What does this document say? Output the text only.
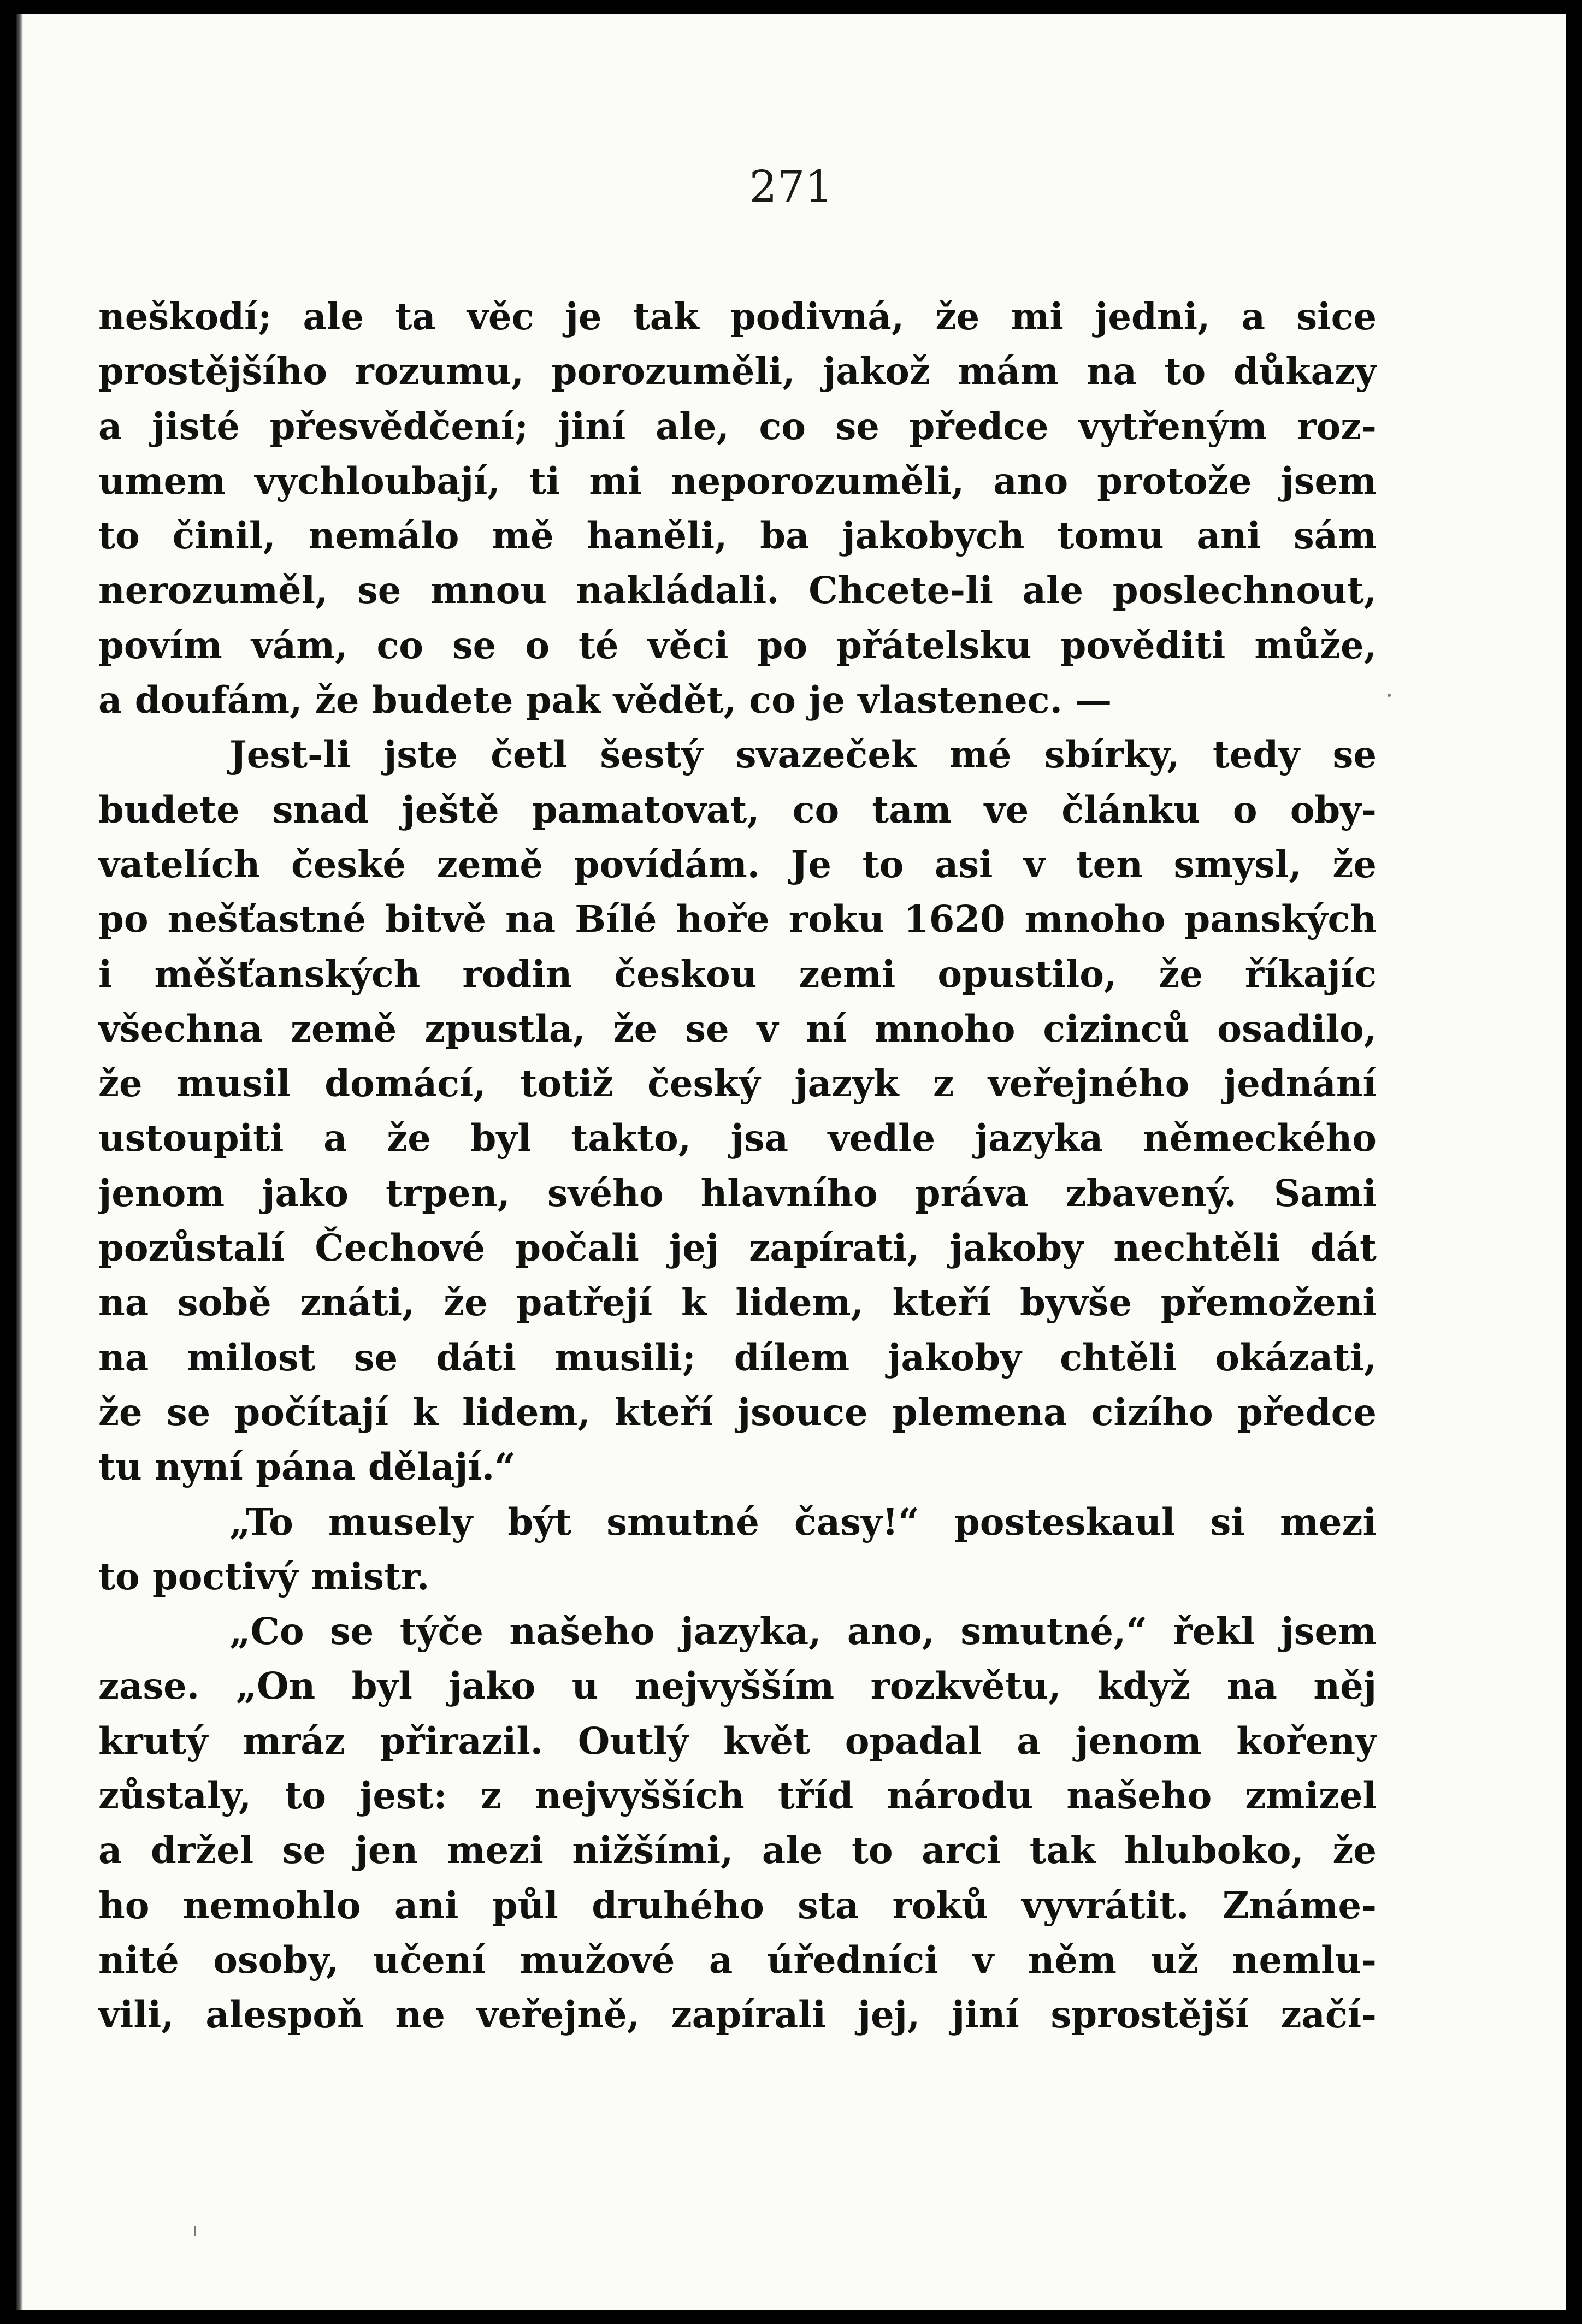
271
neškodí; ale ta věc je tak podivná, že mi jedni, a sice
prostějšího rozumu, porozuměli, jakož mám na to důkazy
a jisté přesvědčení; jiní ale, co se předce vytřeným roz-
umem vychloubají, ti mi neporozuměli, ano protože jsem
to činil, nemálo mě haněli, ba jakobych tomu ani sám
nerozuměl, se mnou nakládali. Chcete-li ale poslechnout,
povím vám, co se o té věci po přátelsku pověditi může,
a doufám, že budete pak vědět, co je vlastenec. —
Jest-li jste četl šestý svazeček mé sbírky, tedy se
budete snad ještě pamatovat, co tam ve článku o oby-
vatelích české země povídám. Je to asi v ten smysl, že
po nešťastné bitvě na Bílé hoře roku 1620 mnoho panských
i měšťanských rodin českou zemi opustilo, že říkajíc
všechna země zpustla, že se v ní mnoho cizinců osadilo,
že musil domácí, totiž český jazyk z veřejného jednání
ustoupiti a že byl takto, jsa vedle jazyka německého
jenom jako trpen, svého hlavního práva zbavený. Sami
pozůstalí Čechové počali jej zapírati, jakoby nechtěli dát
na sobě znáti, že patřejí k lidem, kteří byvše přemoženi
na milost se dáti musili; dílem jakoby chtěli okázati,
že se počítají k lidem, kteří jsouce plemena cizího předce
tu nyní pána dělají.“
„To musely být smutné časy!“ posteskaul si mezi
to poctivý mistr.
„Co se týče našeho jazyka, ano, smutné,“ řekl jsem
zase. „On byl jako u nejvyšším rozkvětu, když na něj
krutý mráz přirazil. Outlý květ opadal a jenom kořeny
zůstaly, to jest: z nejvyšších tříd národu našeho zmizel
a držel se jen mezi nižšími, ale to arci tak hluboko, že
ho nemohlo ani půl druhého sta roků vyvrátit. Známe-
nité osoby, učení mužové a úředníci v něm už nemlu-
vili, alespoň ne veřejně, zapírali jej, jiní sprostější začí-
